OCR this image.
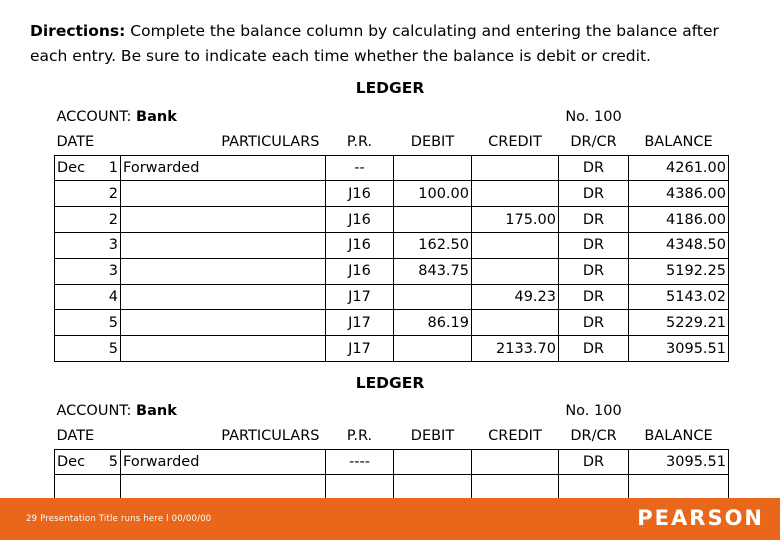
Directions: Complete the balance column by calculating and entering the balance after each entry. Be sure to indicate each time whether the balance is debit or credit.
LEDGER
ACCOUNT: Bank						No. 100	
DATE		PARTICULARS	P.R.	DEBIT	CREDIT	DR/CR	BALANCE
Dec	1	Forwarded	--			DR	4261.00
	2		J16	100.00		DR	4386.00
	2		J16		175.00	DR	4186.00
	3		J16	162.50		DR	4348.50
	3		J16	843.75		DR	5192.25
	4		J17		49.23	DR	5143.02
	5		J17	86.19		DR	5229.21
	5		J17		2133.70	DR	3095.51
LEDGER
ACCOUNT: Bank						No. 100	
DATE		PARTICULARS	P.R.	DEBIT	CREDIT	DR/CR	BALANCE
Dec	5	Forwarded	----			DR	3095.51

29 Presentation Title runs here l 00/00/00	PEARSON
